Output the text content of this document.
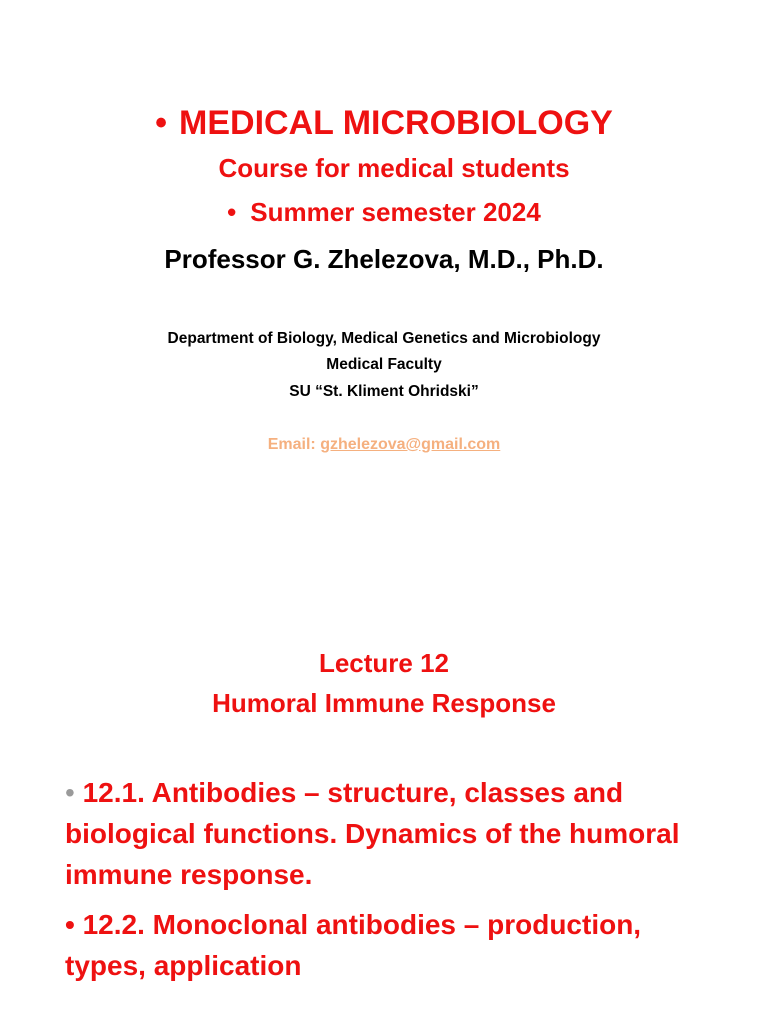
• MEDICAL MICROBIOLOGY
Course for medical students
• Summer semester 2024
Professor G. Zhelezova, M.D., Ph.D.
Department of Biology, Medical Genetics and Microbiology
Medical Faculty
SU “St. Kliment Ohridski”
Email: gzhelezova@gmail.com
Lecture 12
Humoral Immune Response
• 12.1. Antibodies – structure, classes and biological functions. Dynamics of the humoral immune response.
• 12.2. Monoclonal antibodies – production, types, application
